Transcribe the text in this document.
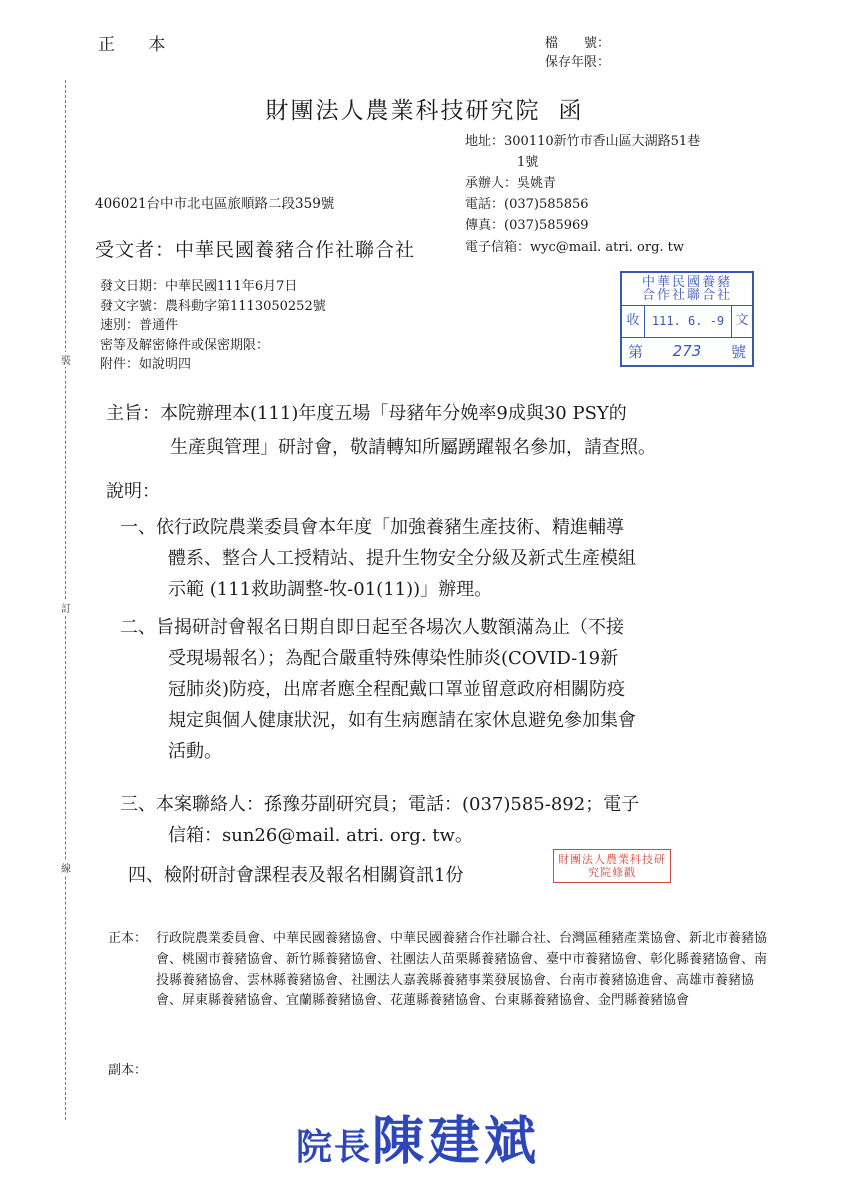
裝
訂
線
正 本	檔　　號：
保存年限：
財團法人農業科技研究院 函
地址：300110新竹市香山區大湖路51巷
1號
承辦人：吳姚青
電話：(037)585856
傳真：(037)585969
406021台中市北屯區旅順路二段359號
受文者：中華民國養豬合作社聯合社	電子信箱：wyc@mail. atri. org. tw
發文日期：中華民國111年6月7日
發文字號：農科動字第1113050252號
速別：普通件
密等及解密條件或保密期限：
附件：如說明四
中華民國養豬
合作社聯合社
收	111. 6. -9 文
第	273	號
主旨：本院辦理本(111)年度五場「母豬年分娩率9成與30 PSY的
生產與管理」研討會，敬請轉知所屬踴躍報名參加，請查照。
說明：
一、依行政院農業委員會本年度「加強養豬生產技術、精進輔導
體系、整合人工授精站、提升生物安全分級及新式生產模組
示範 (111救助調整-牧-01(11))」辦理。
二、旨揭研討會報名日期自即日起至各場次人數額滿為止（不接
受現場報名）；為配合嚴重特殊傳染性肺炎(COVID-19新
冠肺炎)防疫，出席者應全程配戴口罩並留意政府相關防疫
規定與個人健康狀況，如有生病應請在家休息避免參加集會
活動。
三、本案聯絡人：孫豫芬副研究員；電話：(037)585-892；電子
信箱：sun26@mail. atri. org. tw。
四、檢附研討會課程表及報名相關資訊1份
財團法人農業科技研究院條戳
正本： 行政院農業委員會、中華民國養豬協會、中華民國養豬合作社聯合社、台灣區種豬產業協會、新北市養豬協會、桃園市養豬協會、新竹縣養豬協會、社團法人苗栗縣養豬協會、臺中市養豬協會、彰化縣養豬協會、南投縣養豬協會、雲林縣養豬協會、社團法人嘉義縣養豬事業發展協會、台南市養豬協進會、高雄市養豬協會、屏東縣養豬協會、宜蘭縣養豬協會、花蓮縣養豬協會、台東縣養豬協會、金門縣養豬協會
副本：
院長陳建斌
